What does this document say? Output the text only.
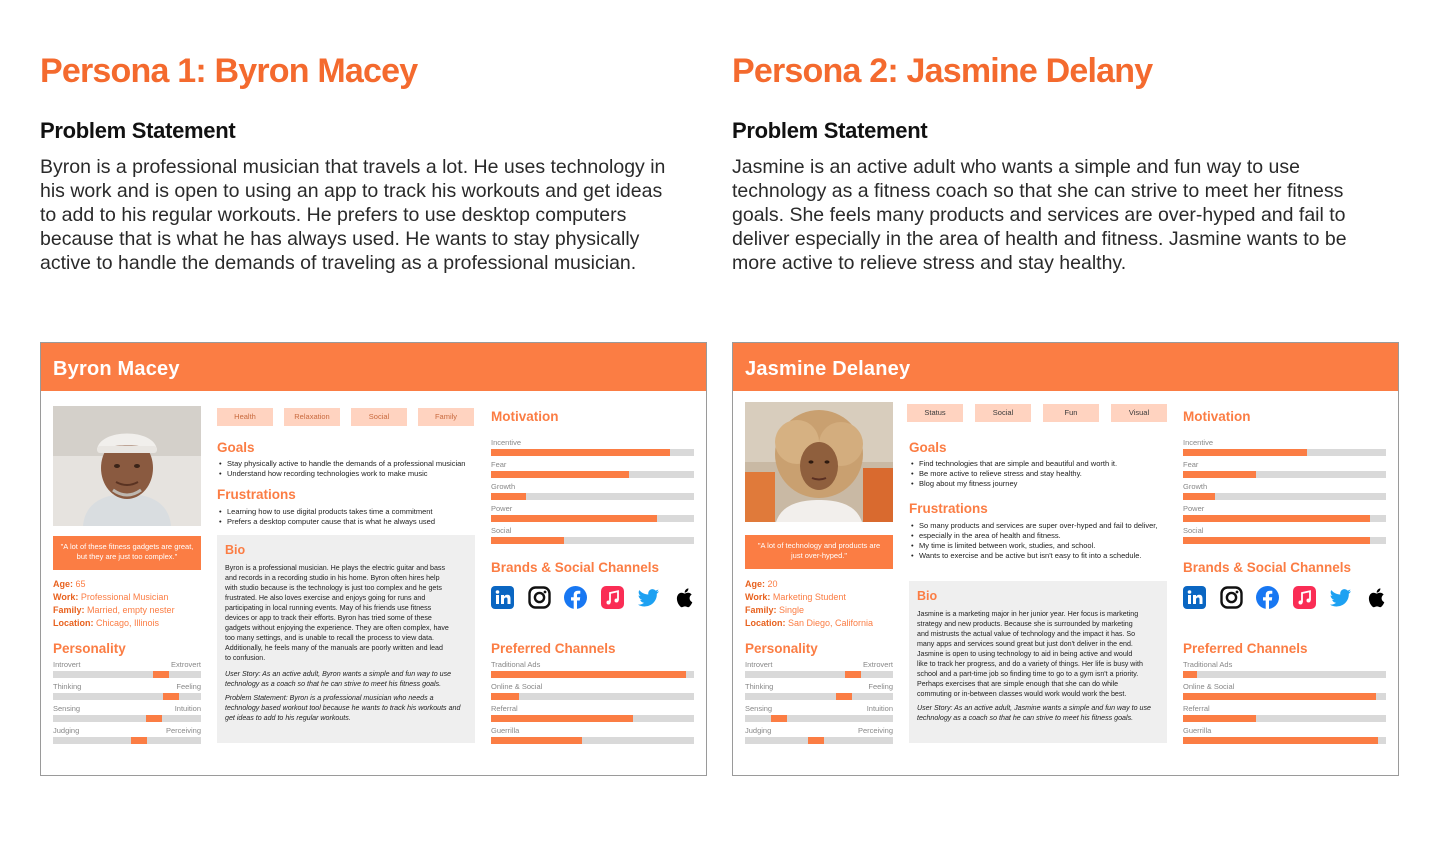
Persona 1: Byron Macey
Problem Statement
Byron is a professional musician that travels a lot. He uses technology in
his work and is open to using an app to track his workouts and get ideas
to add to his regular workouts. He prefers to use desktop computers
because that is what he has always used. He wants to stay physically
active to handle the demands of traveling as a professional musician.
Persona 2: Jasmine Delany
Problem Statement
Jasmine is an active adult who wants a simple and fun way to use
technology as a fitness coach so that she can strive to meet her fitness
goals. She feels many products and services are over-hyped and fail to
deliver especially in the area of health and fitness. Jasmine wants to be
more active to relieve stress and stay healthy.
Byron Macey
"A lot of these fitness gadgets are great, but they are just too complex."
Age: 65
Work: Professional Musician
Family: Married, empty nester
Location: Chicago, Illinois
Personality
Introvert	Extrovert
Thinking	Feeling
Sensing	Intuition
Judging	Perceiving
Health	Relaxation	Social	Family
Goals
• Stay physically active to handle the demands of a professional musician
• Understand how recording technologies work to make music
Frustrations
• Learning how to use digital products takes time a commitment
• Prefers a desktop computer cause that is what he always used
Bio
Byron is a professional musician. He plays the electric guitar and bass
and records in a recording studio in his home. Byron often hires help
with studio because is the technology is just too complex and he gets
frustrated. He also loves exercise and enjoys going for runs and
participating in local running events. May of his friends use fitness
devices or app to track their efforts. Byron has tried some of these
gadgets without enjoying the experience. They are often complex, have
too many settings, and is unable to recall the process to view data.
Additionally, he feels many of the manuals are poorly written and lead
to confusion.
User Story: As an active adult, Byron wants a simple and fun way to use
technology as a coach so that he can strive to meet his fitness goals.
Problem Statement: Byron is a professional musician who needs a
technology based workout tool because he wants to track his workouts and
get ideas to add to his regular workouts.
Motivation
Incentive
Fear
Growth
Power
Social
Brands & Social Channels
Preferred Channels
Traditional Ads
Online & Social
Referral
Guerrilla
Jasmine Delaney
"A lot of technology and products are just over-hyped."
Age: 20
Work: Marketing Student
Family: Single
Location: San Diego, California
Personality
Introvert	Extrovert
Thinking	Feeling
Sensing	Intuition
Judging	Perceiving
Status	Social	Fun	Visual
Goals
• Find technologies that are simple and beautiful and worth it.
• Be more active to relieve stress and stay healthy.
• Blog about my fitness journey
Frustrations
• So many products and services are super over-hyped and fail to deliver,
• especially in the area of health and fitness.
• My time is limited between work, studies, and school.
• Wants to exercise and be active but isn't easy to fit into a schedule.
Bio
Jasmine is a marketing major in her junior year. Her focus is marketing
strategy and new products. Because she is surrounded by marketing
and mistrusts the actual value of technology and the impact it has. So
many apps and services sound great but just don't deliver in the end.
Jasmine is open to using technology to aid in being active and would
like to track her progress, and do a variety of things. Her life is busy with
school and a part-time job so finding time to go to a gym isn't a priority.
Perhaps exercises that are simple enough that she can do while
commuting or in-between classes would work would work the best.
User Story: As an active adult, Jasmine wants a simple and fun way to use
technology as a coach so that he can strive to meet his fitness goals.
Motivation
Incentive
Fear
Growth
Power
Social
Brands & Social Channels
Preferred Channels
Traditional Ads
Online & Social
Referral
Guerrilla
